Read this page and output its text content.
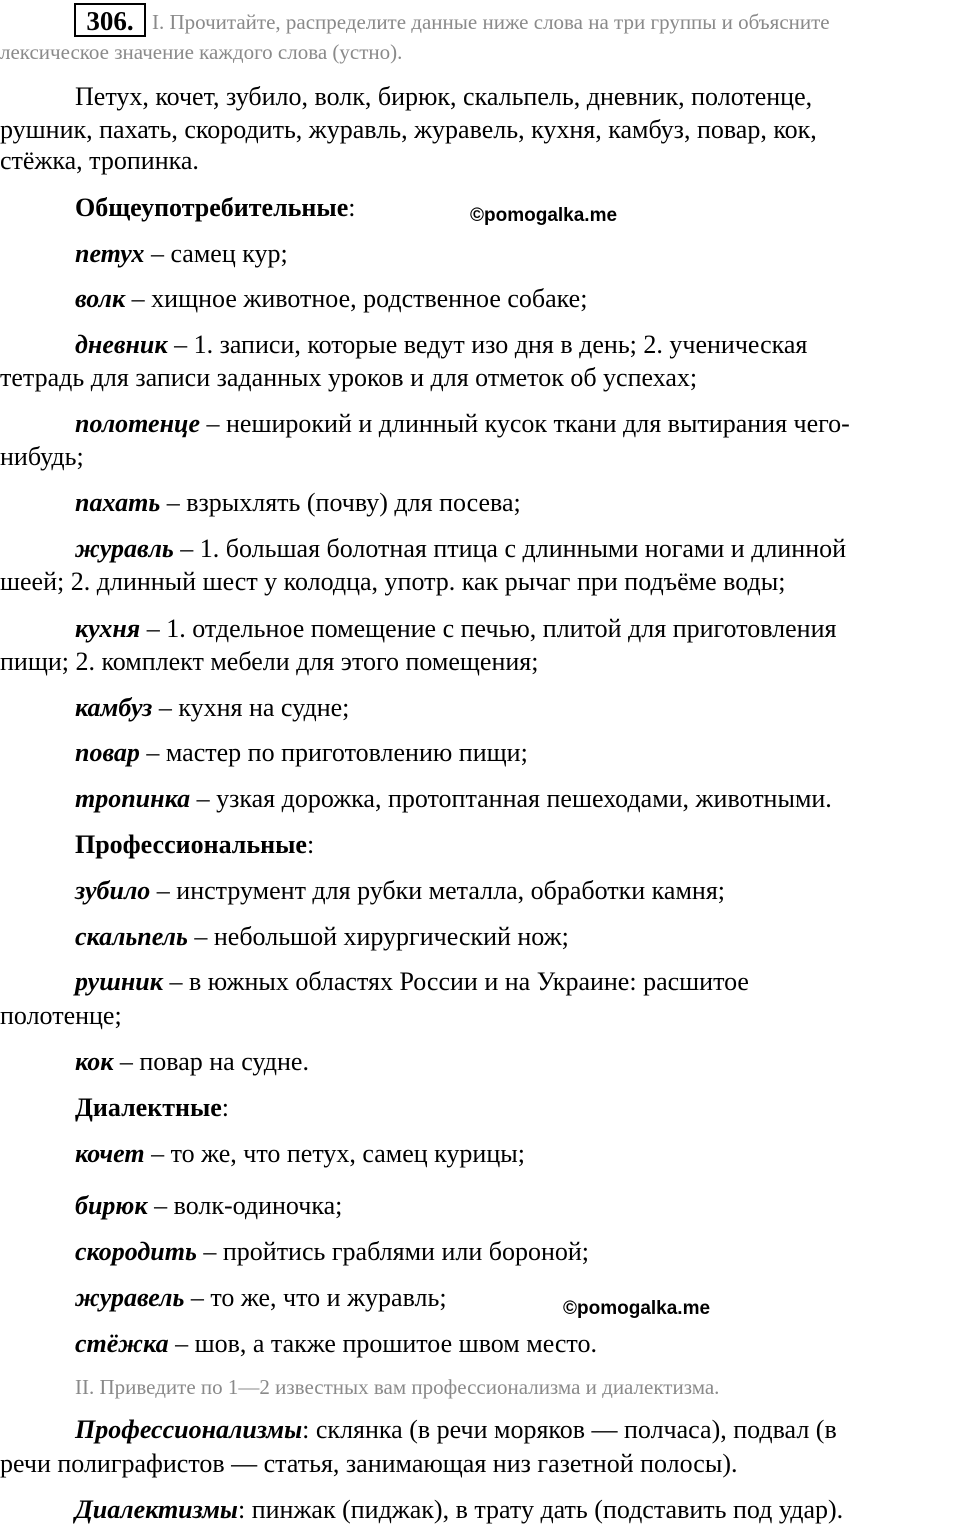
306. I. Прочитайте, распределите данные ниже слова на три группы и объясните
лексическое значение каждого слова (устно).
Петух, кочет, зубило, волк, бирюк, скальпель, дневник, полотенце,
рушник, пахать, скородить, журавль, журавель, кухня, камбуз, повар, кок,
стёжка, тропинка.
Общеупотребительные:	©pomogalka.me
петух – самец кур;
волк – хищное животное, родственное собаке;
дневник – 1. записи, которые ведут изо дня в день; 2. ученическая
тетрадь для записи заданных уроков и для отметок об успехах;
полотенце – неширокий и длинный кусок ткани для вытирания чего-
нибудь;
пахать – взрыхлять (почву) для посева;
журавль – 1. большая болотная птица с длинными ногами и длинной
шеей; 2. длинный шест у колодца, употр. как рычаг при подъёме воды;
кухня – 1. отдельное помещение с печью, плитой для приготовления
пищи; 2. комплект мебели для этого помещения;
камбуз – кухня на судне;
повар – мастер по приготовлению пищи;
тропинка – узкая дорожка, протоптанная пешеходами, животными.
Профессиональные:
зубило – инструмент для рубки металла, обработки камня;
скальпель – небольшой хирургический нож;
рушник – в южных областях России и на Украине: расшитое
полотенце;
кок – повар на судне.
Диалектные:
кочет – то же, что петух, самец курицы;
бирюк – волк-одиночка;
скородить – пройтись граблями или бороной;
журавель – то же, что и журавль;	©pomogalka.me
стёжка – шов, а также прошитое швом место.
II. Приведите по 1—2 известных вам профессионализма и диалектизма.
Профессионализмы: склянка (в речи моряков — полчаса), подвал (в
речи полиграфистов — статья, занимающая низ газетной полосы).
Диалектизмы: пинжак (пиджак), в трату дать (подставить под удар).
